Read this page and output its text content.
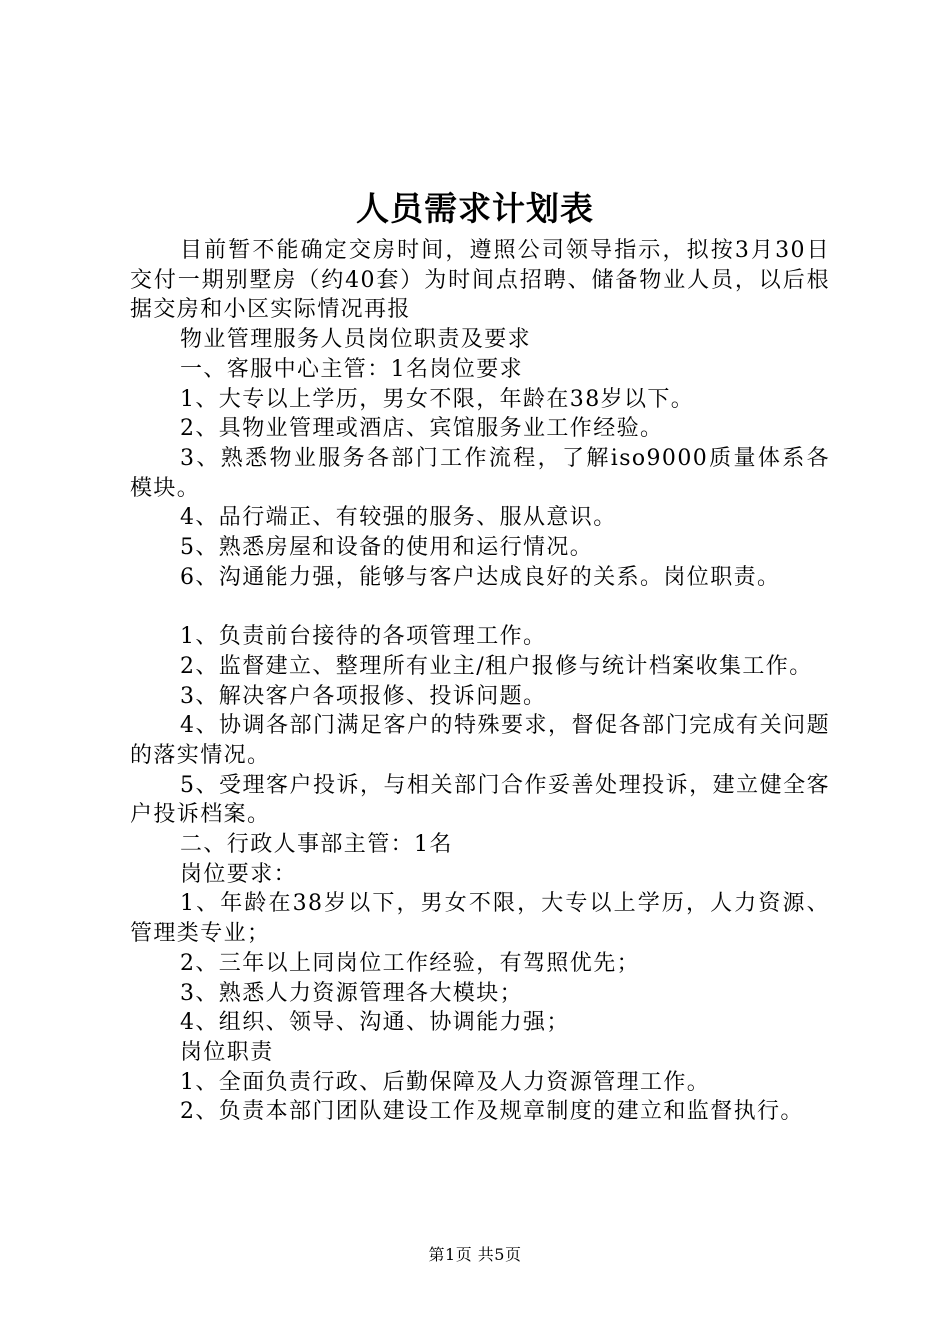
人员需求计划表

目前暂不能确定交房时间，遵照公司领导指示，拟按3月30日交付一期别墅房（约40套）为时间点招聘、储备物业人员，以后根据交房和小区实际情况再报

物业管理服务人员岗位职责及要求

一、客服中心主管：1名岗位要求

1、大专以上学历，男女不限，年龄在38岁以下。

2、具物业管理或酒店、宾馆服务业工作经验。

3、熟悉物业服务各部门工作流程，了解iso9000质量体系各模块。

4、品行端正、有较强的服务、服从意识。

5、熟悉房屋和设备的使用和运行情况。

6、沟通能力强，能够与客户达成良好的关系。岗位职责。

1、负责前台接待的各项管理工作。

2、监督建立、整理所有业主/租户报修与统计档案收集工作。

3、解决客户各项报修、投诉问题。

4、协调各部门满足客户的特殊要求，督促各部门完成有关问题的落实情况。

5、受理客户投诉，与相关部门合作妥善处理投诉，建立健全客户投诉档案。

二、行政人事部主管：1名

岗位要求：

1、年龄在38岁以下，男女不限，大专以上学历，人力资源、管理类专业；

2、三年以上同岗位工作经验，有驾照优先；

3、熟悉人力资源管理各大模块；

4、组织、领导、沟通、协调能力强；

岗位职责

1、全面负责行政、后勤保障及人力资源管理工作。

2、负责本部门团队建设工作及规章制度的建立和监督执行。

第1页 共5页
